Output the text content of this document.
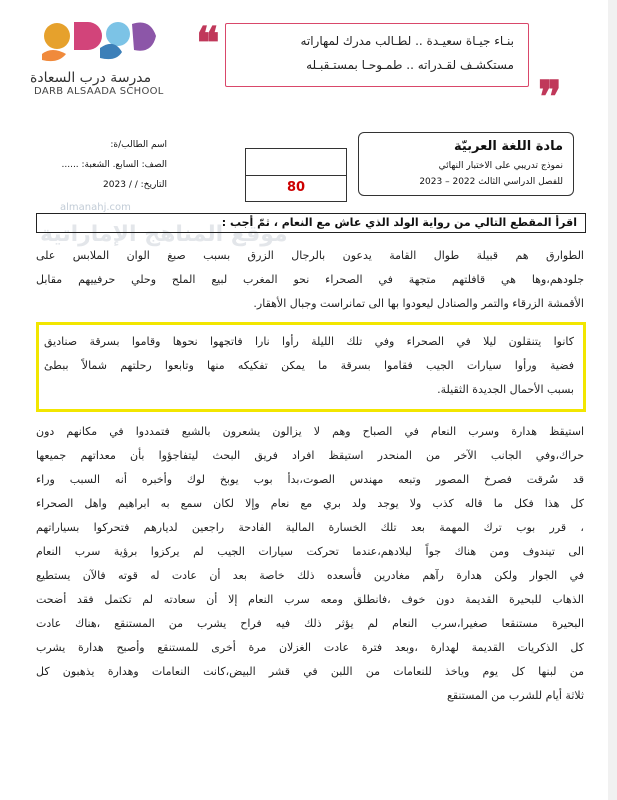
مدرسة درب السعادة
DARB ALSAADA SCHOOL
❝	بنـاء جيـاة سعيـدة .. لطـالب مدرك لمهاراته
مستكشـف لقـدراته .. طمـوحـا بمستـقبـله
❞
مادة اللغة العربيّة
نموذج تدريبي على الاختبار النهائي
للفصل الدراسي الثالث 2022 – 2023
80
اسم الطالب/ة:
الصف: السابع. الشعبة: ......
التاريخ: / / 2023
almanahj.com
موقع المناهج الإماراتية
اقرأ المقطع التالي من رواية الولد الذي عاش مع النعام ، ثمّ أجب :
الطوارق هم قبيلة طوال القامة يدعون بالرجال الزرق بسبب صبغ الوان الملابس على
جلودهم،وها هي قافلتهم متجهة في الصحراء نحو المغرب لبيع الملح وحلي حرفييهم مقابل
الأقمشة الزرقاء والتمر والصنادل ليعودوا بها الى تمانراست وجبال الأهقار.
كانوا يتنقلون ليلا في الصحراء وفي تلك الليلة رأوا نارا فاتجهوا نحوها وقاموا بسرقة صناديق
فضية ورأوا سيارات الجيب فقاموا بسرقة ما يمكن تفكيكه منها وتابعوا رحلتهم شمالاً ببطئ
بسبب الأحمال الجديدة الثقيلة.
استيقظ هدارة وسرب النعام في الصباح وهم لا يزالون يشعرون بالشبع فتمددوا في مكانهم دون
حراك،وفي الجانب الآخر من المنحدر استيقظ افراد فريق البحث ليتفاجؤوا بأن معداتهم جميعها
قد سُرقت فصرخ المصور وتبعه مهندس الصوت،بدأ بوب يوبخ لوك وأخبره أنه السبب وراء
كل هذا فكل ما قاله كذب ولا يوجد ولد بري مع نعام وإلا لكان سمع به ابراهيم واهل الصحراء
، قرر بوب ترك المهمة بعد تلك الخسارة المالية الفادحة راجعين لديارهم فتحركوا بسياراتهم
الى تيندوف ومن هناك جواً لبلادهم،عندما تحركت سيارات الجيب لم يركزوا برؤية سرب النعام
في الجوار ولكن هدارة رآهم مغادرين فأسعده ذلك خاصة بعد أن عادت له قوته فالآن يستطيع
الذهاب للبحيرة القديمة دون خوف ،فانطلق ومعه سرب النعام إلا أن سعادته لم تكتمل فقد أضحت
البحيرة مستنقعا صغيرا،سرب النعام لم يؤثر ذلك فيه فراح يشرب من المستنقع ،هناك عادت
كل الذكريات القديمة لهدارة ،وبعد فترة عادت الغزلان مرة أخرى للمستنقع وأصبح هدارة يشرب
من لبنها كل يوم وياخذ للنعامات من اللبن في قشر البيض،كانت النعامات وهدارة يذهبون كل
ثلاثة أيام للشرب من المستنقع
